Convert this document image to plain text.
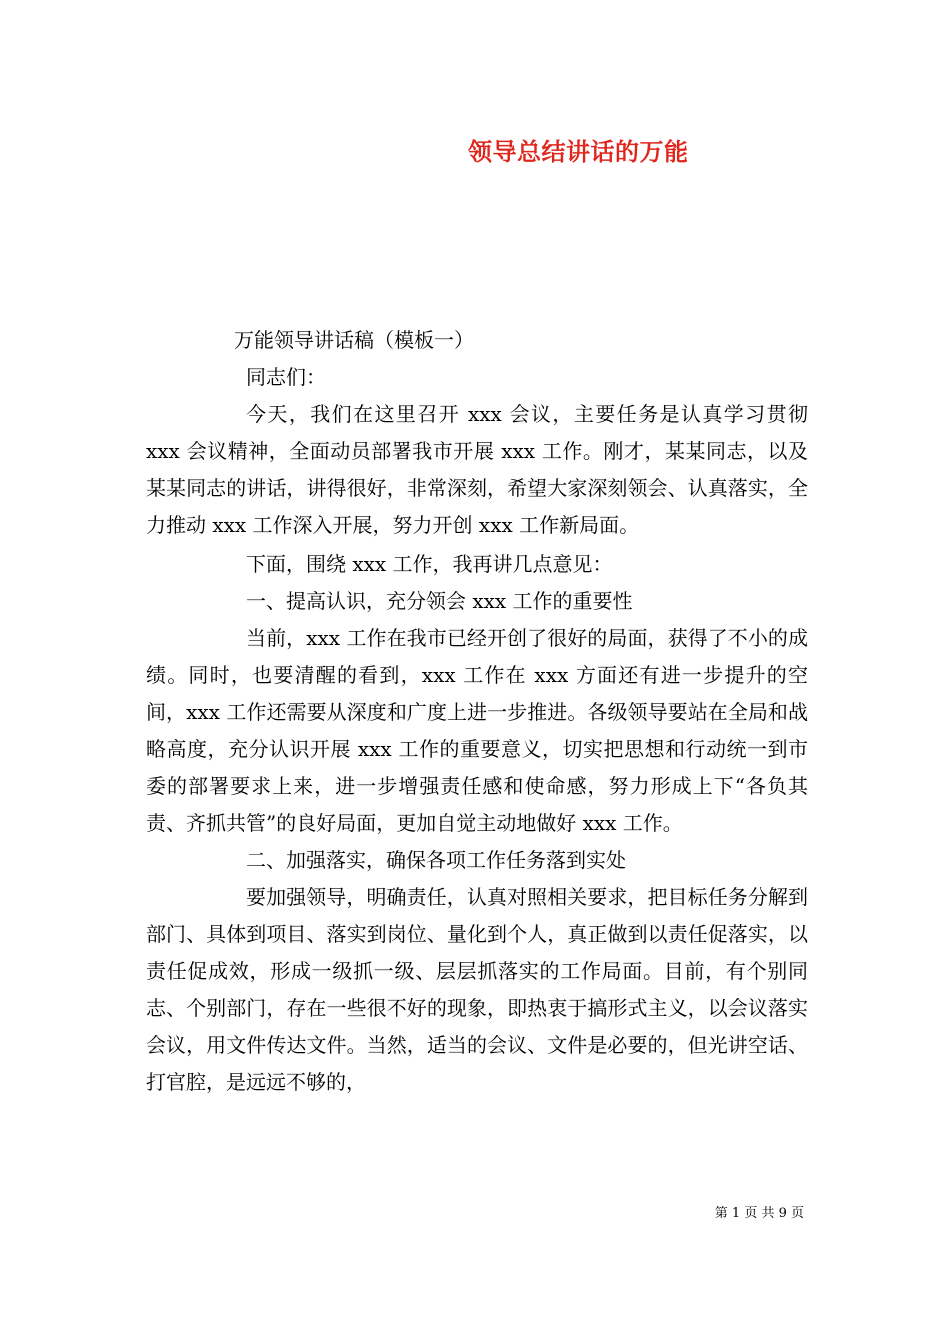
领导总结讲话的万能

万能领导讲话稿（模板一）

同志们：

今天，我们在这里召开 xxx 会议，主要任务是认真学习贯彻 xxx 会议精神，全面动员部署我市开展 xxx 工作。刚才，某某同志，以及某某同志的讲话，讲得很好，非常深刻，希望大家深刻领会、认真落实，全力推动 xxx 工作深入开展，努力开创 xxx 工作新局面。

下面，围绕 xxx 工作，我再讲几点意见：

一、提高认识，充分领会 xxx 工作的重要性

当前，xxx 工作在我市已经开创了很好的局面，获得了不小的成绩。同时，也要清醒的看到，xxx 工作在 xxx 方面还有进一步提升的空间，xxx 工作还需要从深度和广度上进一步推进。各级领导要站在全局和战略高度，充分认识开展 xxx 工作的重要意义，切实把思想和行动统一到市委的部署要求上来，进一步增强责任感和使命感，努力形成上下“各负其责、齐抓共管”的良好局面，更加自觉主动地做好 xxx 工作。

二、加强落实，确保各项工作任务落到实处

要加强领导，明确责任，认真对照相关要求，把目标任务分解到部门、具体到项目、落实到岗位、量化到个人，真正做到以责任促落实，以责任促成效，形成一级抓一级、层层抓落实的工作局面。目前，有个别同志、个别部门，存在一些很不好的现象，即热衷于搞形式主义，以会议落实会议，用文件传达文件。当然，适当的会议、文件是必要的，但光讲空话、打官腔，是远远不够的，

第 1 页 共 9 页
